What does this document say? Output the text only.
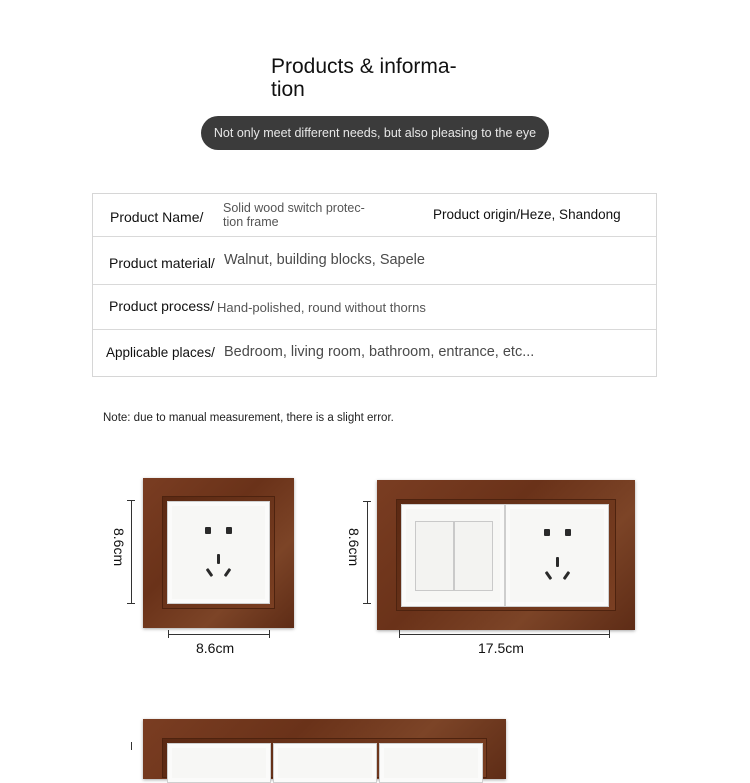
Products & informa-
tion
Not only meet different needs, but also pleasing to the eye
Product Name/
Solid wood switch protec-
tion frame	Product origin/Heze, Shandong
Product material/ Walnut, building blocks, Sapele
Product process/ Hand-polished, round without thorns
Applicable places/ Bedroom, living room, bathroom, entrance, etc...
Note: due to manual measurement, there is a slight error.
8.6cm
8.6cm
8.6cm
17.5cm
